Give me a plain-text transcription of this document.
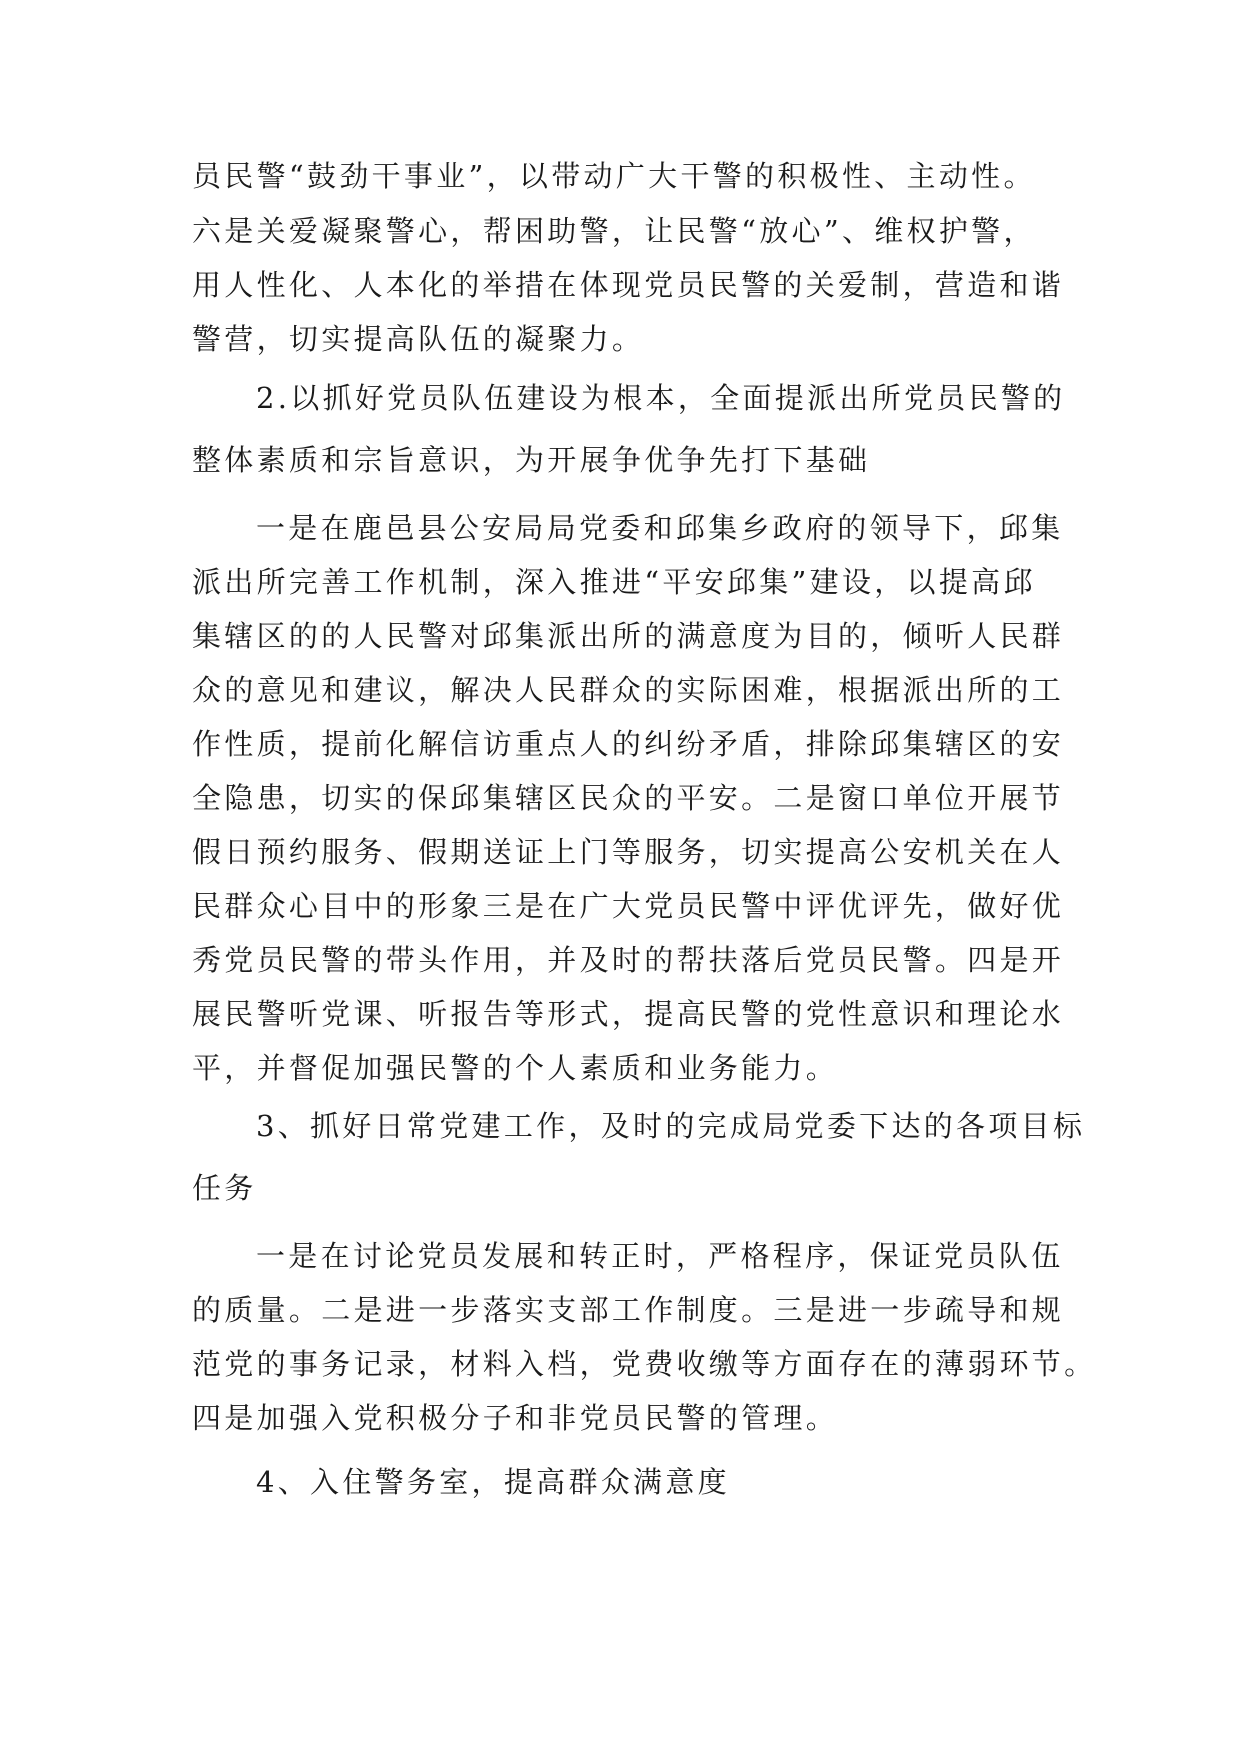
员民警“鼓劲干事业”，以带动广大干警的积极性、主动性。
六是关爱凝聚警心，帮困助警，让民警“放心”、维权护警，
用人性化、人本化的举措在体现党员民警的关爱制，营造和谐
警营，切实提高队伍的凝聚力。
2.以抓好党员队伍建设为根本，全面提派出所党员民警的
整体素质和宗旨意识，为开展争优争先打下基础
一是在鹿邑县公安局局党委和邱集乡政府的领导下，邱集
派出所完善工作机制，深入推进“平安邱集”建设，以提高邱
集辖区的的人民警对邱集派出所的满意度为目的，倾听人民群
众的意见和建议，解决人民群众的实际困难，根据派出所的工
作性质，提前化解信访重点人的纠纷矛盾，排除邱集辖区的安
全隐患，切实的保邱集辖区民众的平安。二是窗口单位开展节
假日预约服务、假期送证上门等服务，切实提高公安机关在人
民群众心目中的形象三是在广大党员民警中评优评先，做好优
秀党员民警的带头作用，并及时的帮扶落后党员民警。四是开
展民警听党课、听报告等形式，提高民警的党性意识和理论水
平，并督促加强民警的个人素质和业务能力。
3、抓好日常党建工作，及时的完成局党委下达的各项目标
任务
一是在讨论党员发展和转正时，严格程序，保证党员队伍
的质量。二是进一步落实支部工作制度。三是进一步疏导和规
范党的事务记录，材料入档，党费收缴等方面存在的薄弱环节。
四是加强入党积极分子和非党员民警的管理。
4、入住警务室，提高群众满意度
